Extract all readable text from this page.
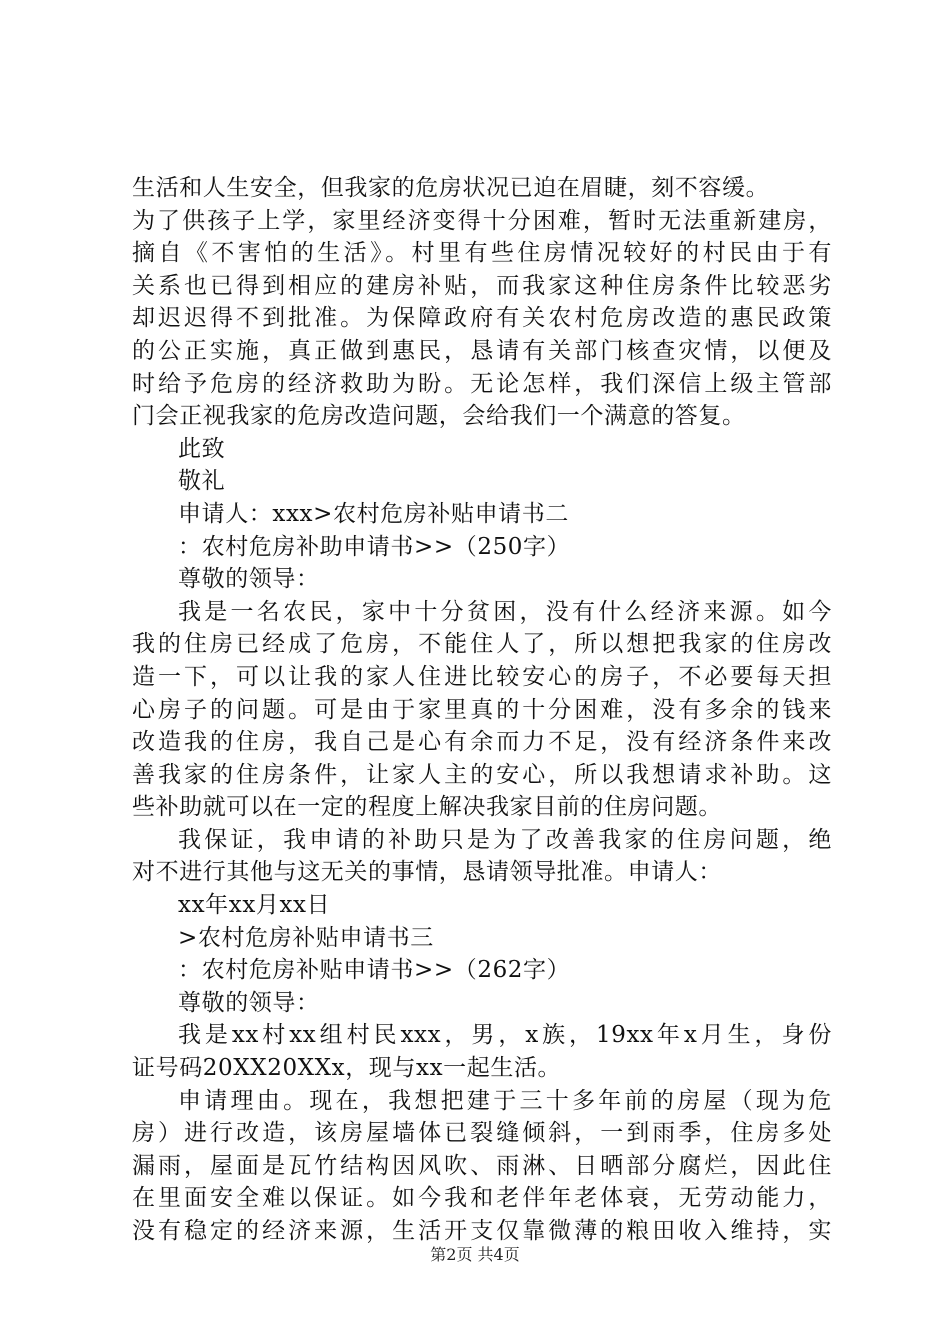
生活和人生安全，但我家的危房状况已迫在眉睫，刻不容缓。
为了供孩子上学，家里经济变得十分困难，暂时无法重新建房，
摘自《不害怕的生活》。村里有些住房情况较好的村民由于有
关系也已得到相应的建房补贴，而我家这种住房条件比较恶劣
却迟迟得不到批准。为保障政府有关农村危房改造的惠民政策
的公正实施，真正做到惠民，恳请有关部门核查灾情，以便及
时给予危房的经济救助为盼。无论怎样，我们深信上级主管部
门会正视我家的危房改造问题，会给我们一个满意的答复。
此致
敬礼
申请人：xxx>农村危房补贴申请书二
：农村危房补助申请书>>（250字）
尊敬的领导：
我是一名农民，家中十分贫困，没有什么经济来源。如今
我的住房已经成了危房，不能住人了，所以想把我家的住房改
造一下，可以让我的家人住进比较安心的房子，不必要每天担
心房子的问题。可是由于家里真的十分困难，没有多余的钱来
改造我的住房，我自己是心有余而力不足，没有经济条件来改
善我家的住房条件，让家人主的安心，所以我想请求补助。这
些补助就可以在一定的程度上解决我家目前的住房问题。
我保证，我申请的补助只是为了改善我家的住房问题，绝
对不进行其他与这无关的事情，恳请领导批准。申请人：
xx年xx月xx日
>农村危房补贴申请书三
：农村危房补贴申请书>>（262字）
尊敬的领导：
我是xx村xx组村民xxx，男，x族，19xx年x月生，身份
证号码20XX20XXx，现与xx一起生活。
申请理由。现在，我想把建于三十多年前的房屋（现为危
房）进行改造，该房屋墙体已裂缝倾斜，一到雨季，住房多处
漏雨，屋面是瓦竹结构因风吹、雨淋、日晒部分腐烂，因此住
在里面安全难以保证。如今我和老伴年老体衰，无劳动能力，
没有稳定的经济来源，生活开支仅靠微薄的粮田收入维持，实
第2页 共4页
